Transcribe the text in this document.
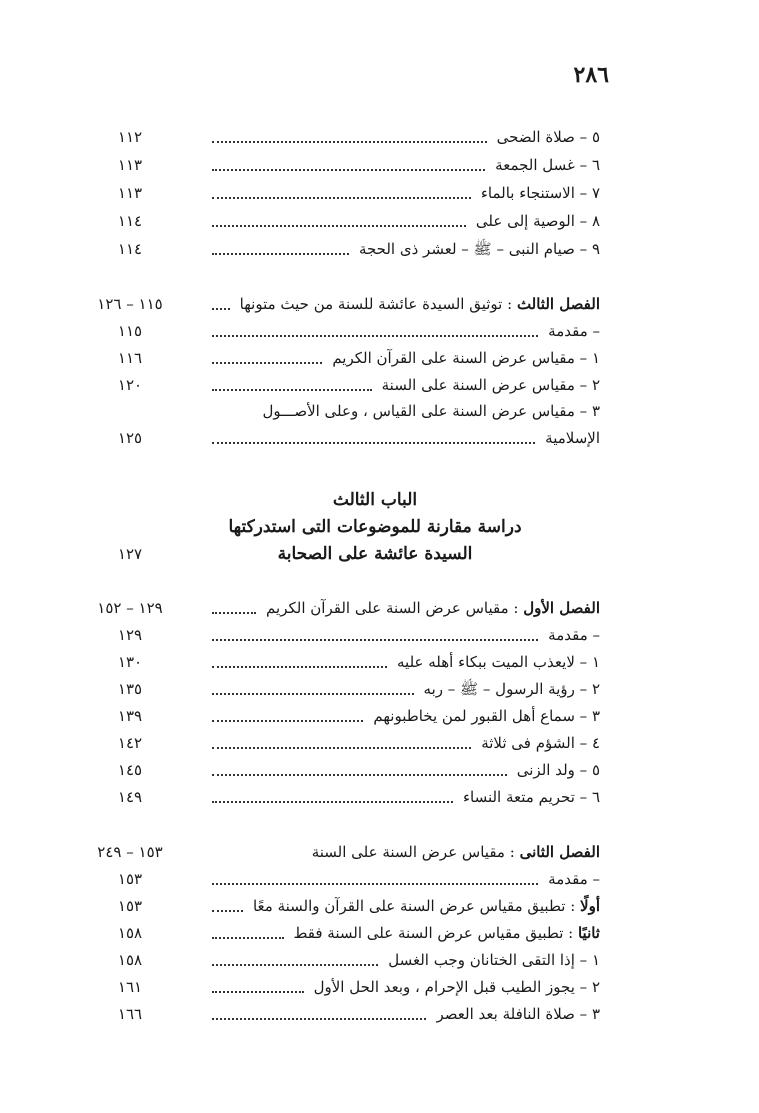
٢٨٦
٥ – صلاة الضحى
١١٢
٦ – غسل الجمعة
١١٣
٧ – الاستنجاء بالماء
١١٣
٨ – الوصية إلى على
١١٤
٩ – صيام النبى – ﷺ – لعشر ذى الحجة
١١٤
الفصل الثالث : توثيق السيدة عائشة للسنة من حيث متونها
١١٥ – ١٢٦
– مقدمة
١١٥
١ – مقياس عرض السنة على القرآن الكريم
١١٦
٢ – مقياس عرض السنة على السنة
١٢٠
٣ – مقياس عرض السنة على القياس ، وعلى الأصـــول
الإسلامية
١٢٥
الباب الثالث
دراسة مقارنة للموضوعات التى استدركتها
السيدة عائشة على الصحابة
١٢٧
الفصل الأول : مقياس عرض السنة على القرآن الكريم
١٢٩ – ١٥٢
– مقدمة
١٢٩
١ – لايعذب الميت ببكاء أهله عليه
١٣٠
٢ – رؤية الرسول – ﷺ – ربه
١٣٥
٣ – سماع أهل القبور لمن يخاطبونهم
١٣٩
٤ – الشؤم فى ثلاثة
١٤٢
٥ – ولد الزنى
١٤٥
٦ – تحريم متعة النساء
١٤٩
الفصل الثانى : مقياس عرض السنة على السنة
١٥٣ – ٢٤٩
– مقدمة
١٥٣
أولًا : تطبيق مقياس عرض السنة على القرآن والسنة معًا
١٥٣
ثانيًا : تطبيق مقياس عرض السنة على السنة فقط
١٥٨
١ – إذا التقى الختانان وجب الغسل
١٥٨
٢ – يجوز الطيب قبل الإحرام ، وبعد الحل الأول
١٦١
٣ – صلاة النافلة بعد العصر
١٦٦
